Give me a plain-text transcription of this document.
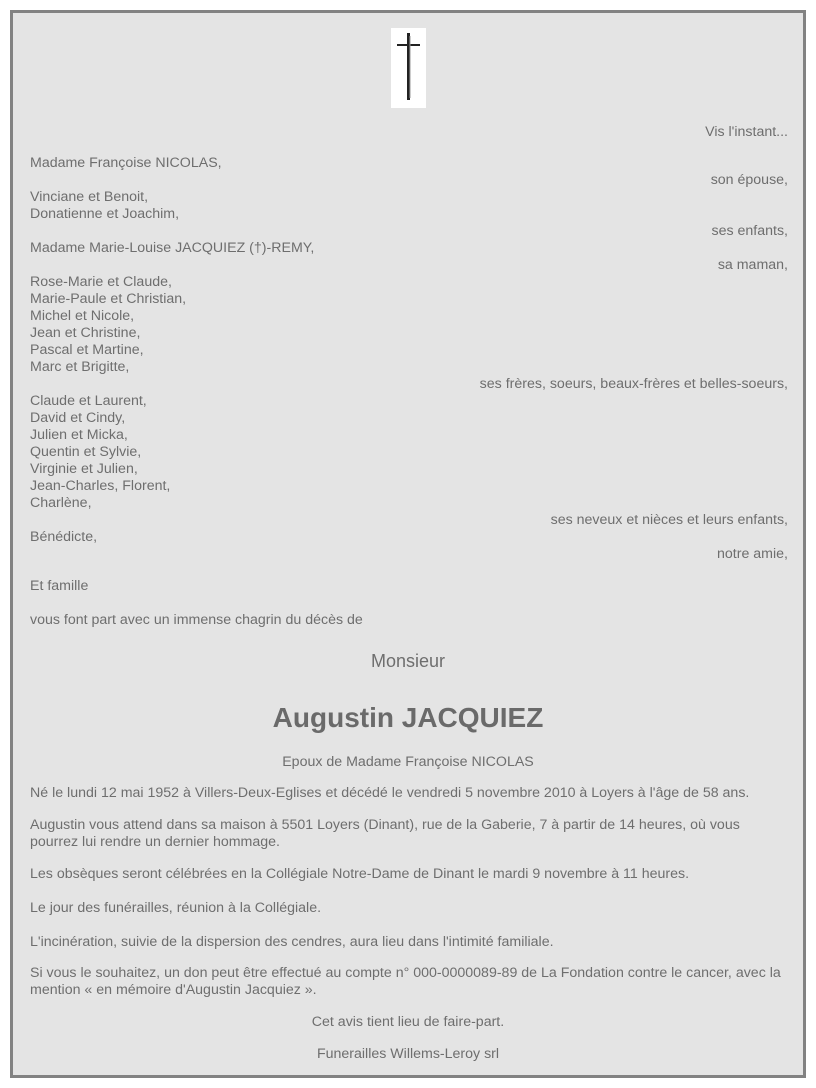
Vis l'instant...
Madame Françoise NICOLAS,
son épouse,
Vinciane et Benoit,
Donatienne et Joachim,
ses enfants,
Madame Marie-Louise JACQUIEZ (†)-REMY,
sa maman,
Rose-Marie et Claude,
Marie-Paule et Christian,
Michel et Nicole,
Jean et Christine,
Pascal et Martine,
Marc et Brigitte,
ses frères, soeurs, beaux-frères et belles-soeurs,
Claude et Laurent,
David et Cindy,
Julien et Micka,
Quentin et Sylvie,
Virginie et Julien,
Jean-Charles, Florent,
Charlène,
ses neveux et nièces et leurs enfants,
Bénédicte,
notre amie,
Et famille
vous font part avec un immense chagrin du décès de
Monsieur
Augustin JACQUIEZ
Epoux de Madame Françoise NICOLAS
Né le lundi 12 mai 1952 à Villers-Deux-Eglises et décédé le vendredi 5 novembre 2010 à Loyers à l'âge de 58 ans.
Augustin vous attend dans sa maison à 5501 Loyers (Dinant), rue de la Gaberie, 7 à partir de 14 heures, où vous pourrez lui rendre un dernier hommage.
Les obsèques seront célébrées en la Collégiale Notre-Dame de Dinant le mardi 9 novembre à 11 heures.
Le jour des funérailles, réunion à la Collégiale.
L'incinération, suivie de la dispersion des cendres, aura lieu dans l'intimité familiale.
Si vous le souhaitez, un don peut être effectué au compte n° 000-0000089-89 de La Fondation contre le cancer, avec la mention « en mémoire d'Augustin Jacquiez ».
Cet avis tient lieu de faire-part.
Funerailles Willems-Leroy srl
